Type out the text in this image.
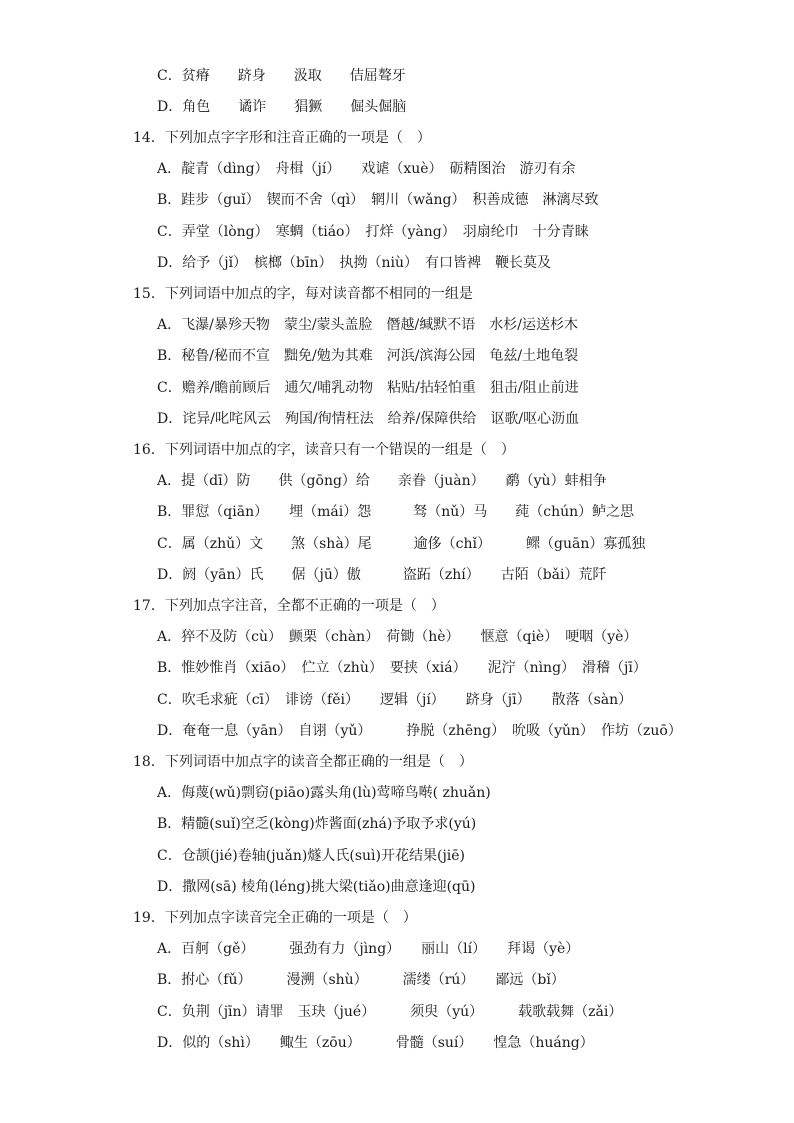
C．贫瘠　　跻身　　汲取　　佶屈聱牙
D．角色　　谲诈　　猖獗　　倔头倔脑
14．下列加点字字形和注音正确的一项是（　）
A．靛青（dìng）　舟楫（jí）　　戏谑（xuè）　砺精图治　游刃有余
B．跬步（guǐ）　锲而不舍（qì）　辋川（wǎng）　积善成德　淋漓尽致
C．弄堂（lòng）　寒蜩（tiáo）　打烊（yàng）　羽扇纶巾　十分青睐
D．给予（jǐ）　槟榔（bīn）　执拗（niù）　有口皆裨　鞭长莫及
15．下列词语中加点的字，每对读音都不相同的一组是
A．飞瀑/暴殄天物　蒙尘/蒙头盖脸　僭越/缄默不语　水杉/运送杉木
B．秘鲁/秘而不宣　黜免/勉为其难　河浜/滨海公园　龟兹/土地龟裂
C．赡养/瞻前顾后　逋欠/哺乳动物　粘贴/拈轻怕重　狙击/阻止前进
D．诧异/叱咤风云　殉国/徇情枉法　给养/保障供给　讴歌/呕心沥血
16．下列词语中加点的字，读音只有一个错误的一组是（　）
A．提（dī）防　　供（gōng）给　　亲眷（juàn）　　鹬（yù）蚌相争
B．罪愆（qiān）　　埋（mái）怨　　　驽（nǔ）马　　莼（chún）鲈之思
C．属（zhǔ）文　　煞（shà）尾　　　逾侈（chǐ）　　　鳏（guān）寡孤独
D．阏（yān）氏　　倨（jū）傲　　　盗跖（zhí）　　古陌（bǎi）荒阡
17．下列加点字注音，全都不正确的一项是（　）
A．猝不及防（cù）　颤栗（chàn）　荷锄（hè）　　惬意（qiè）　哽咽（yè）
B．惟妙惟肖（xiāo）　伫立（zhù）　要挟（xiá）　　泥泞（nìng）　滑稽（jī）
C．吹毛求疵（cī）　诽谤（fěi）　　逻辑（jí）　　跻身（jī）　　散落（sàn）
D．奄奄一息（yān）　自诩（yǔ）　　　挣脱（zhēng）　吮吸（yǔn）　作坊（zuō）
18．下列词语中加点字的读音全都正确的一组是（　）
A．侮蔑(wǔ)剽窃(piāo)露头角(lù)莺啼鸟啭( zhuǎn)
B．精髓(suǐ)空乏(kòng)炸酱面(zhá)予取予求(yú)
C．仓颉(jié)卷轴(juǎn)燧人氏(suì)开花结果(jiē)
D．撒网(sā) 棱角(léng)挑大梁(tiǎo)曲意逢迎(qū)
19．下列加点字读音完全正确的一项是（　）
A．百舸（gě）　　　强劲有力（jìng）　　丽山（lí）　　拜谒（yè）
B．拊心（fǔ）　　　漫溯（shù）　　　濡缕（rú）　　鄙远（bǐ）
C．负荆（jīn）请罪　玉玦（jué）　　　须臾（yú）　　　载歌载舞（zǎi）
D．似的（shì）　　鲰生（zōu）　　　骨髓（suí）　　惶急（huáng）
